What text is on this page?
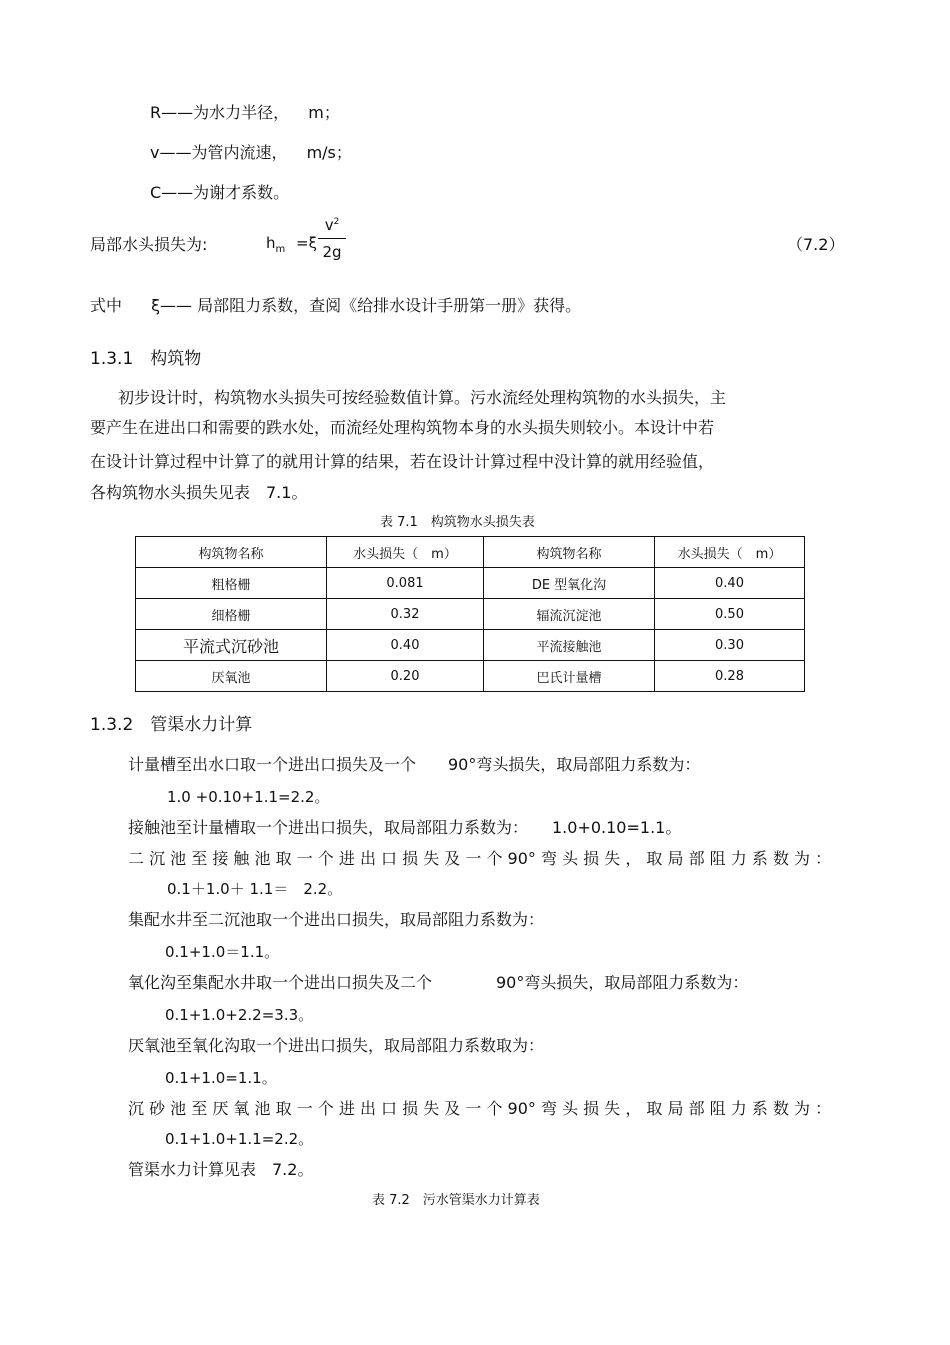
R——为水力半径， m；
v——为管内流速， m/s；
C——为谢才系数。
局部水头损失为:	$h_m =\xi$
$v^2$
2g	（7.2）
式中 ξ—— 局部阻力系数，查阅《给排水设计手册第一册》获得。
1.3.1　构筑物
初步设计时，构筑物水头损失可按经验数值计算。污水流经处理构筑物的水头损失，主
要产生在进出口和需要的跌水处，而流经处理构筑物本身的水头损失则较小。本设计中若
在设计计算过程中计算了的就用计算的结果，若在设计计算过程中没计算的就用经验值，
各构筑物水头损失见表　7.1。
表 7.1　构筑物水头损失表
构筑物名称	水头损失（　m）	构筑物名称	水头损失（　m）
粗格栅	0.081	DE 型氧化沟	0.40
细格栅	0.32	辐流沉淀池	0.50
平流式沉砂池	0.40	平流接触池	0.30
厌氧池	0.20	巴氏计量槽	0.28
1.3.2　管渠水力计算
计量槽至出水口取一个进出口损失及一个　　90°弯头损失，取局部阻力系数为：
1.0 +0.10+1.1=2.2。
接触池至计量槽取一个进出口损失，取局部阻力系数为：　　1.0+0.10=1.1。
二 沉 池 至 接 触 池 取 一 个 进 出 口 损 失 及 一 个 90° 弯 头 损 失 ， 取 局 部 阻 力 系 数 为 ：
0.1＋1.0＋ 1.1＝　2.2。
集配水井至二沉池取一个进出口损失，取局部阻力系数为：
0.1+1.0＝1.1。
氧化沟至集配水井取一个进出口损失及二个　　　　90°弯头损失，取局部阻力系数为：
0.1+1.0+2.2=3.3。
厌氧池至氧化沟取一个进出口损失，取局部阻力系数取为：
0.1+1.0=1.1。
沉 砂 池 至 厌 氧 池 取 一 个 进 出 口 损 失 及 一 个 90° 弯 头 损 失 ， 取 局 部 阻 力 系 数 为 ：
0.1+1.0+1.1=2.2。
管渠水力计算见表　7.2。
表 7.2　污水管渠水力计算表
